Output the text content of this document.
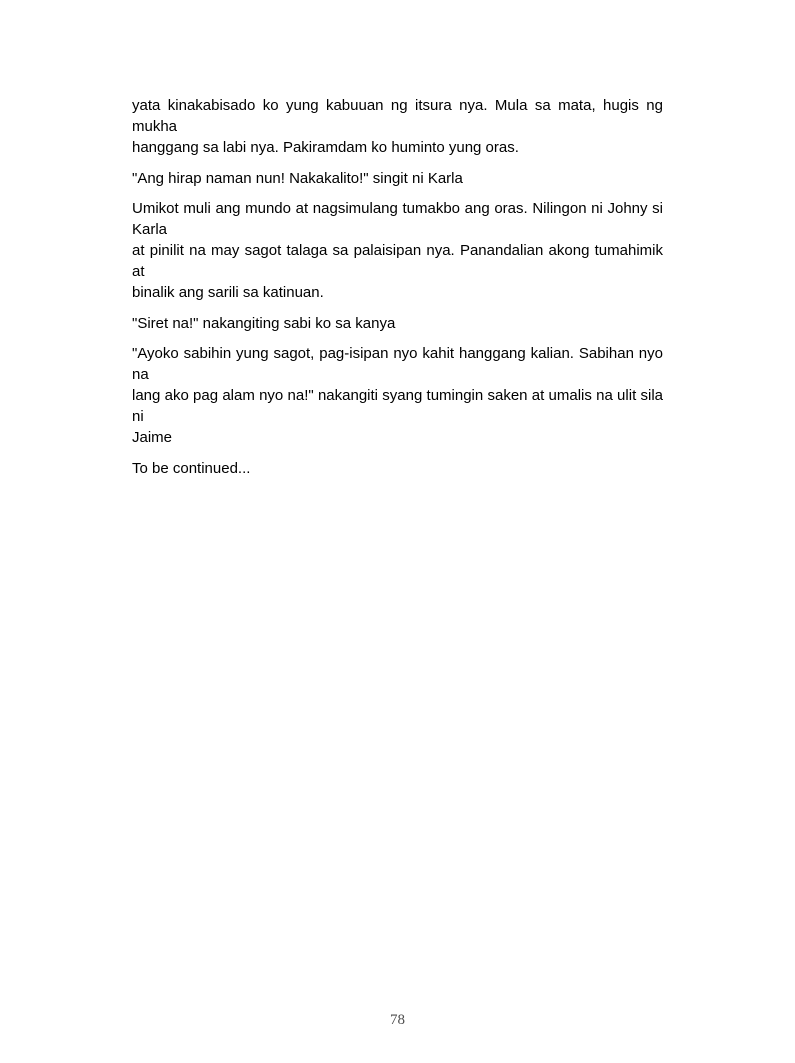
yata kinakabisado ko yung kabuuan ng itsura nya. Mula sa mata, hugis ng mukha
hanggang sa labi nya. Pakiramdam ko huminto yung oras.
"Ang hirap naman nun! Nakakalito!" singit ni Karla
Umikot muli ang mundo at nagsimulang tumakbo ang oras. Nilingon ni Johny si Karla
at pinilit na may sagot talaga sa palaisipan nya. Panandalian akong tumahimik at
binalik ang sarili sa katinuan.
"Siret na!" nakangiting sabi ko sa kanya
"Ayoko sabihin yung sagot, pag-isipan nyo kahit hanggang kalian. Sabihan nyo na
lang ako pag alam nyo na!" nakangiti syang tumingin saken at umalis na ulit sila ni
Jaime
To be continued...
78
